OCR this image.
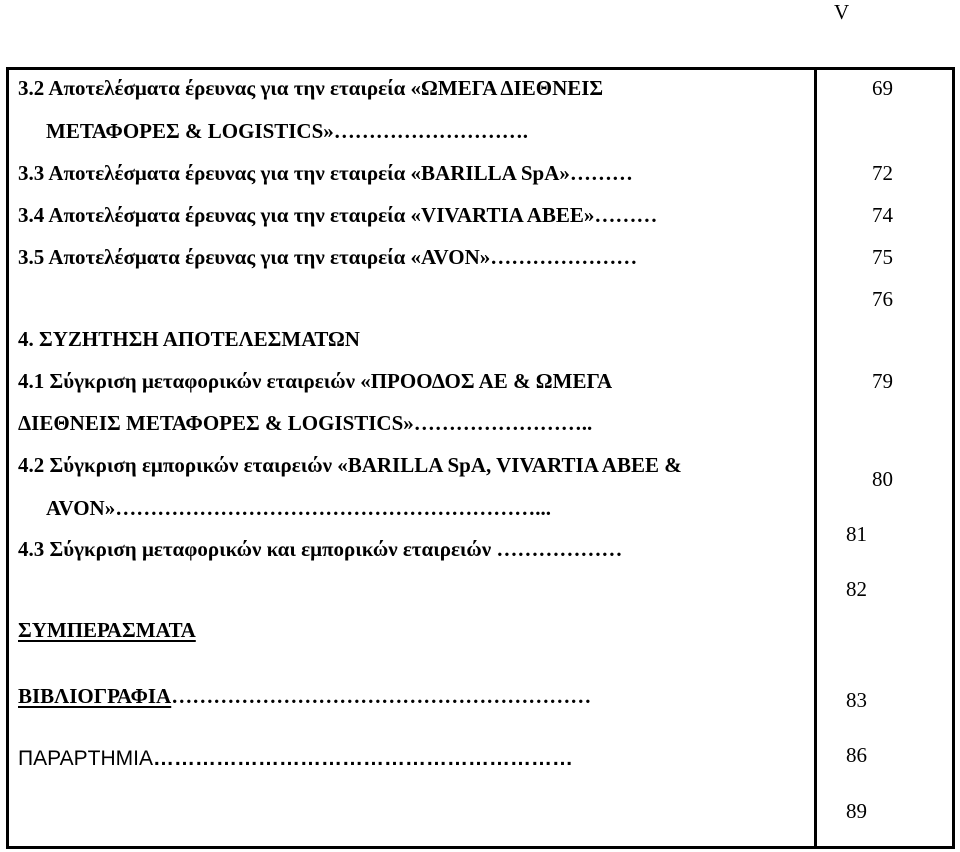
V
3.2 Αποτελέσματα έρευνας για την εταιρεία «ΩΜΕΓΑ ΔΙΕΘΝΕΙΣ
ΜΕΤΑΦΟΡΕΣ & LOGISTICS»……………………….
3.3 Αποτελέσματα έρευνας για την εταιρεία «BARILLA SpA»………
3.4 Αποτελέσματα έρευνας για την εταιρεία «VIVARTIA ABEE»………
3.5 Αποτελέσματα έρευνας για την εταιρεία «AVON»…………………
4. ΣΥΖΗΤΗΣΗ ΑΠΟΤΕΛΕΣΜΑΤΩΝ
4.1 Σύγκριση μεταφορικών εταιρειών «ΠΡΟΟΔΟΣ ΑΕ & ΩΜΕΓΑ
ΔΙΕΘΝΕΙΣ ΜΕΤΑΦΟΡΕΣ & LOGISTICS»……………………..
4.2 Σύγκριση εμπορικών εταιρειών «BARILLA SpA, VIVARTIA ABEE &
AVON»……………………………………………………...
4.3 Σύγκριση μεταφορικών και εμπορικών εταιρειών ………………
ΣΥΜΠΕΡΑΣΜΑΤΑ
ΒΙΒΛΙΟΓΡΑΦΙΑ……………………………………………………
ΠΑΡΑΡΤΗΜΙΑ……………………………………………………
69
72
74
75
76
79
80
81
82
83
86
89
